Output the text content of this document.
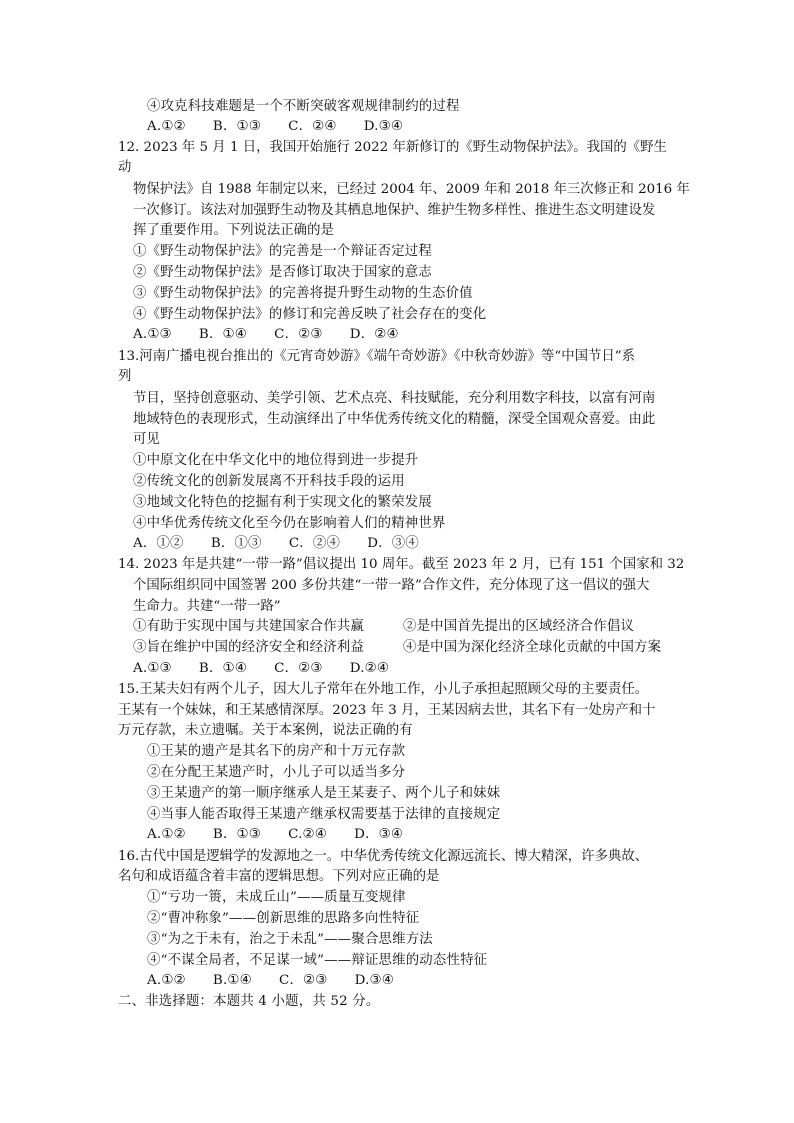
④攻克科技难题是一个不断突破客观规律制约的过程
A.①②　　B．①③　　C．②④　　D.③④
12. 2023 年 5 月 1 日，我国开始施行 2022 年新修订的《野生动物保护法》。我国的《野生
动
物保护法》自 1988 年制定以来，已经过 2004 年、2009 年和 2018 年三次修正和 2016 年
一次修订。该法对加强野生动物及其栖息地保护、维护生物多样性、推进生态文明建设发
挥了重要作用。下列说法正确的是
①《野生动物保护法》的完善是一个辩证否定过程
②《野生动物保护法》是否修订取决于国家的意志
③《野生动物保护法》的完善将提升野生动物的生态价值
④《野生动物保护法》的修订和完善反映了社会存在的变化
A.①③　　B．①④　　C．②③　　D．②④
13.河南广播电视台推出的《元宵奇妙游》《端午奇妙游》《中秋奇妙游》等“中国节日”系
列
节目，坚持创意驱动、美学引领、艺术点亮、科技赋能，充分利用数字科技，以富有河南
地域特色的表现形式，生动演绎出了中华优秀传统文化的精髓，深受全国观众喜爱。由此
可见
①中原文化在中华文化中的地位得到进一步提升
②传统文化的创新发展离不开科技手段的运用
③地域文化特色的挖掘有利于实现文化的繁荣发展
④中华优秀传统文化至今仍在影响着人们的精神世界
A．①②　　B．①③　　C．②④　　D．③④
14. 2023 年是共建“一带一路”倡议提出 10 周年。截至 2023 年 2 月，已有 151 个国家和 32
个国际组织同中国签署 200 多份共建“一带一路”合作文件，充分体现了这一倡议的强大
生命力。共建“一带一路”
①有助于实现中国与共建国家合作共赢	②是中国首先提出的区域经济合作倡议
③旨在维护中国的经济安全和经济利益	④是中国为深化经济全球化贡献的中国方案
A.①③　　B．①④　　C．②③　　D.②④
15.王某夫妇有两个儿子，因大儿子常年在外地工作，小儿子承担起照顾父母的主要责任。
王某有一个妹妹，和王某感情深厚。2023 年 3 月，王某因病去世，其名下有一处房产和十
万元存款，未立遗嘱。关于本案例，说法正确的有
①王某的遗产是其名下的房产和十万元存款
②在分配王某遗产时，小儿子可以适当多分
③王某遗产的第一顺序继承人是王某妻子、两个儿子和妹妹
④当事人能否取得王某遗产继承权需要基于法律的直接规定
A.①②　　B．①③　　C.②④　　D．③④
16.古代中国是逻辑学的发源地之一。中华优秀传统文化源远流长、博大精深，许多典故、
名句和成语蕴含着丰富的逻辑思想。下列对应正确的是
①“亏功一篑，未成丘山”——质量互变规律
②“曹冲称象”——创新思维的思路多向性特征
③“为之于未有，治之于未乱”——聚合思维方法
④“不谋全局者，不足谋一域”——辩证思维的动态性特征
A.①②　　B.①④　　C．②③　　D.③④
二、非选择题：本题共 4 小题，共 52 分。
